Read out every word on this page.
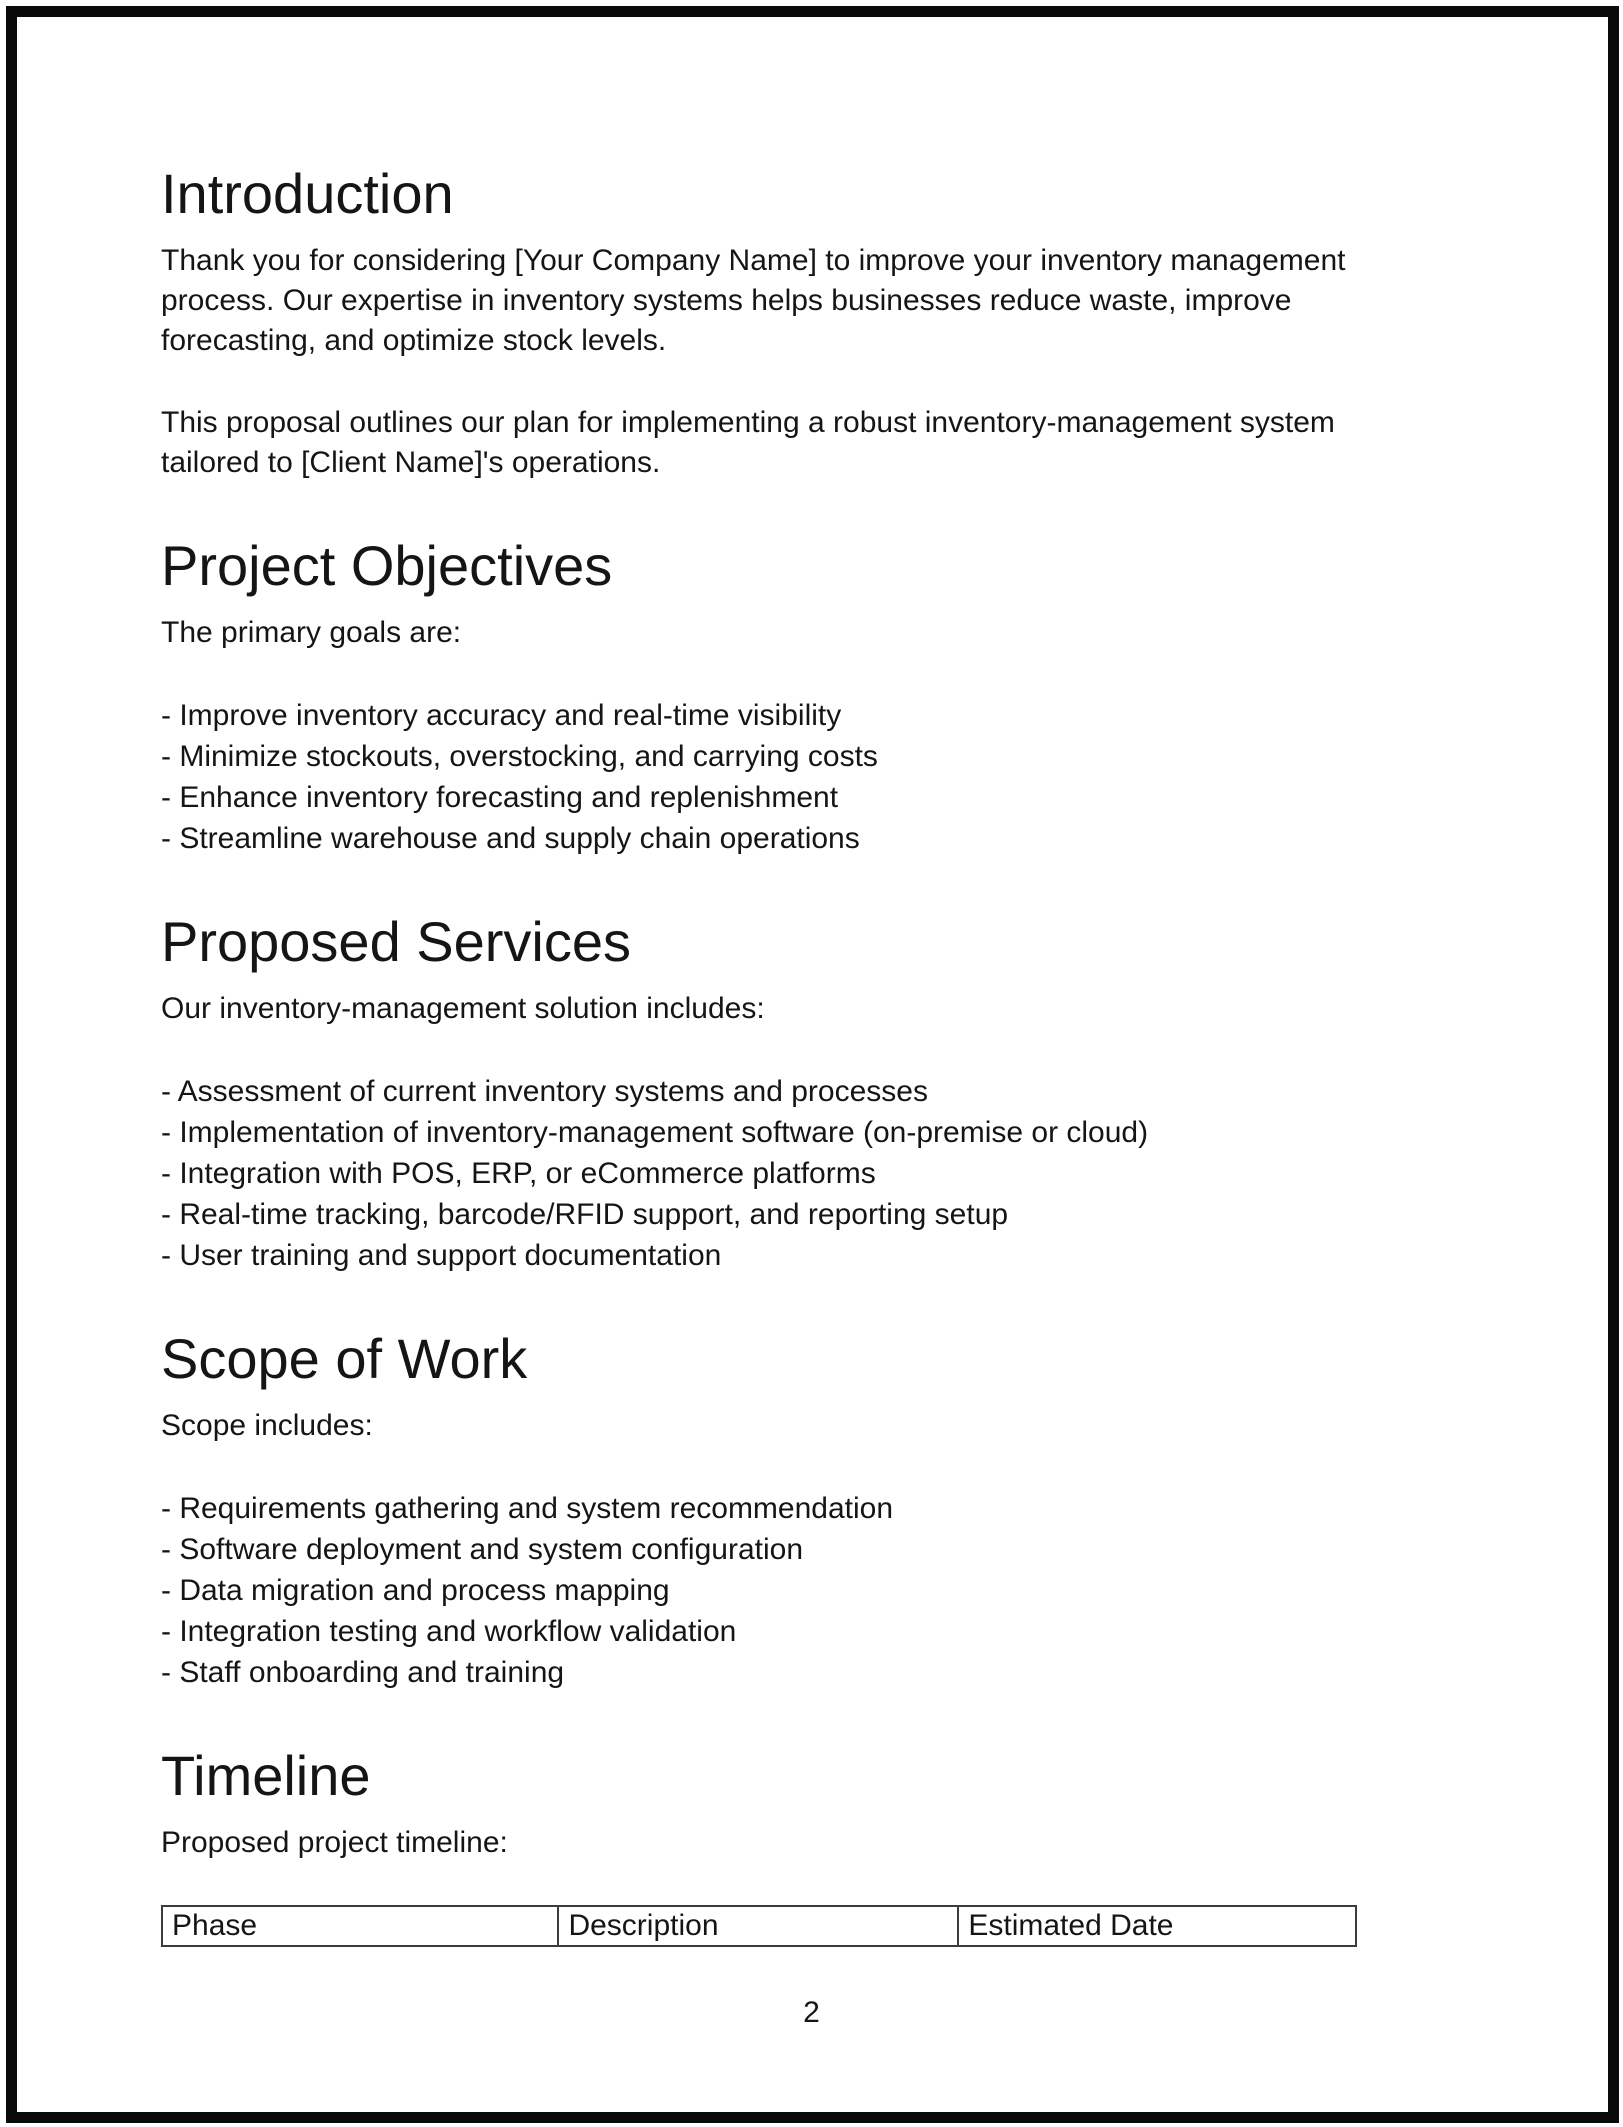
Introduction
Thank you for considering [Your Company Name] to improve your inventory management
process. Our expertise in inventory systems helps businesses reduce waste, improve
forecasting, and optimize stock levels.
This proposal outlines our plan for implementing a robust inventory-management system
tailored to [Client Name]'s operations.
Project Objectives
The primary goals are:
- Improve inventory accuracy and real-time visibility
- Minimize stockouts, overstocking, and carrying costs
- Enhance inventory forecasting and replenishment
- Streamline warehouse and supply chain operations
Proposed Services
Our inventory-management solution includes:
- Assessment of current inventory systems and processes
- Implementation of inventory-management software (on-premise or cloud)
- Integration with POS, ERP, or eCommerce platforms
- Real-time tracking, barcode/RFID support, and reporting setup
- User training and support documentation
Scope of Work
Scope includes:
- Requirements gathering and system recommendation
- Software deployment and system configuration
- Data migration and process mapping
- Integration testing and workflow validation
- Staff onboarding and training
Timeline
Proposed project timeline:
Phase	Description	Estimated Date
2
